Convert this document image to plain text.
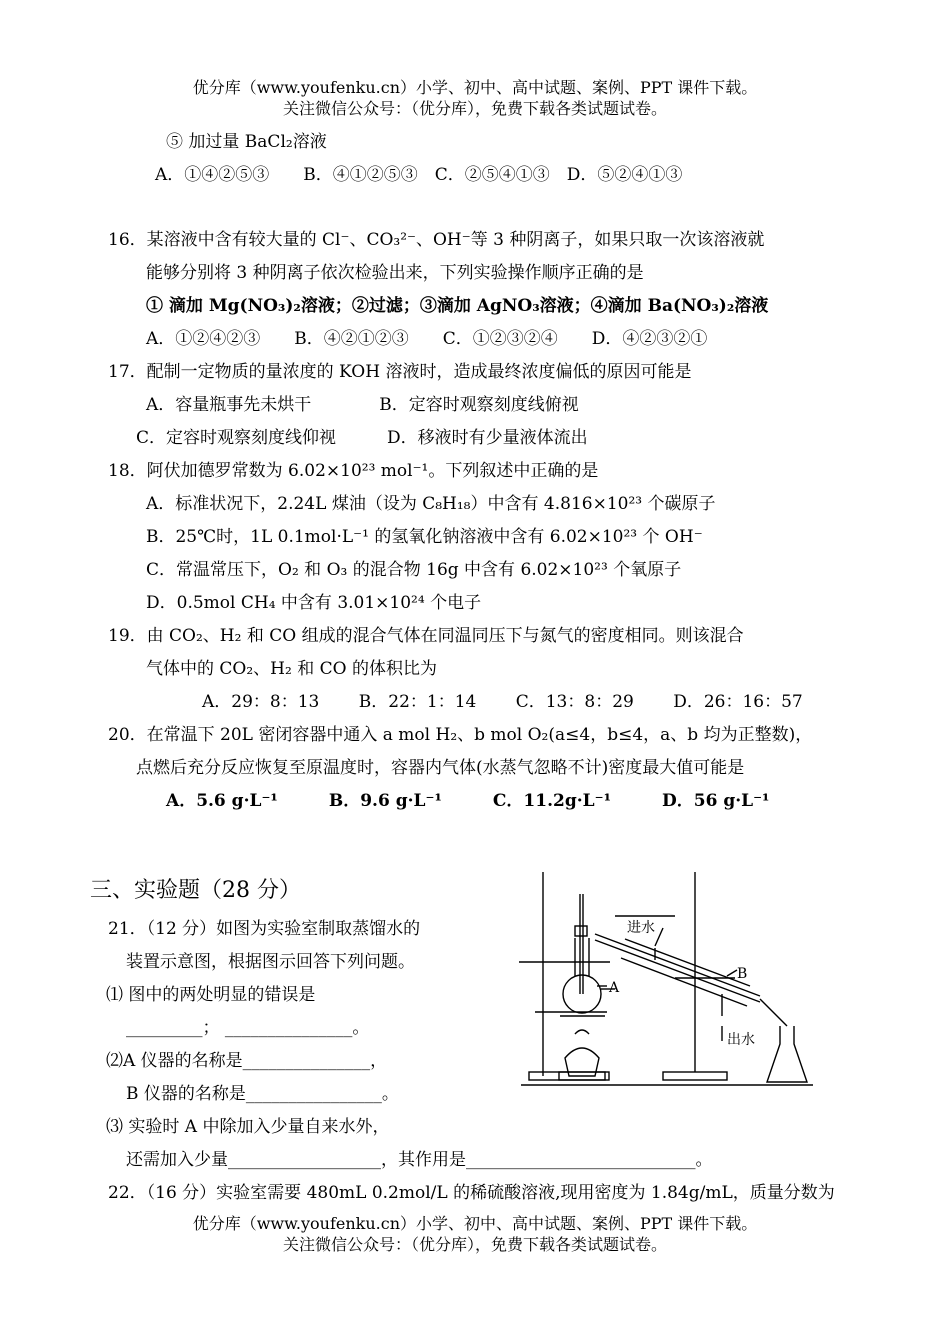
优分库（www.youfenku.cn）小学、初中、高中试题、案例、PPT 课件下载。
关注微信公众号：（优分库），免费下载各类试题试卷。
⑤ 加过量 BaCl₂溶液
A．①④②⑤③　　B．④①②⑤③　C．②⑤④①③　D．⑤②④①③
16．某溶液中含有较大量的 Cl⁻、CO₃²⁻、OH⁻等 3 种阴离子，如果只取一次该溶液就
能够分别将 3 种阴离子依次检验出来，下列实验操作顺序正确的是
① 滴加 Mg(NO₃)₂溶液；②过滤；③滴加 AgNO₃溶液；④滴加 Ba(NO₃)₂溶液
A．①②④②③　　B．④②①②③　　C．①②③②④　　D．④②③②①
17．配制一定物质的量浓度的 KOH 溶液时，造成最终浓度偏低的原因可能是
A．容量瓶事先未烘干　　　　B．定容时观察刻度线俯视
C．定容时观察刻度线仰视　　　D．移液时有少量液体流出
18．阿伏加德罗常数为 6.02×10²³ mol⁻¹。下列叙述中正确的是
A．标准状况下，2.24L 煤油（设为 C₈H₁₈）中含有 4.816×10²³ 个碳原子
B．25℃时，1L 0.1mol·L⁻¹ 的氢氧化钠溶液中含有 6.02×10²³ 个 OH⁻
C．常温常压下，O₂ 和 O₃ 的混合物 16g 中含有 6.02×10²³ 个氧原子
D．0.5mol CH₄ 中含有 3.01×10²⁴ 个电子
19．由 CO₂、H₂ 和 CO 组成的混合气体在同温同压下与氮气的密度相同。则该混合
气体中的 CO₂、H₂ 和 CO 的体积比为
A．29：8：13　　 B．22：1：14　　 C．13：8：29　　 D．26：16：57
20．在常温下 20L 密闭容器中通入 a mol H₂、b mol O₂(a≤4，b≤4，a、b 均为正整数)，
点燃后充分反应恢复至原温度时，容器内气体(水蒸气忽略不计)密度最大值可能是
A．5.6 g·L⁻¹　　　B．9.6 g·L⁻¹　　　C．11.2g·L⁻¹　　　D．56 g·L⁻¹
三、实验题（28 分）
21．（12 分）如图为实验室制取蒸馏水的
装置示意图，根据图示回答下列问题。
⑴ 图中的两处明显的错误是
_________； _______________。
⑵A 仪器的名称是_______________，
B 仪器的名称是________________。
⑶ 实验时 A 中除加入少量自来水外，
还需加入少量__________________，其作用是___________________________。
22．（16 分）实验室需要 480mL 0.2mol/L 的稀硫酸溶液,现用密度为 1.84g/mL，质量分数为
优分库（www.youfenku.cn）小学、初中、高中试题、案例、PPT 课件下载。
关注微信公众号：（优分库），免费下载各类试题试卷。
进水
出水
A
B
